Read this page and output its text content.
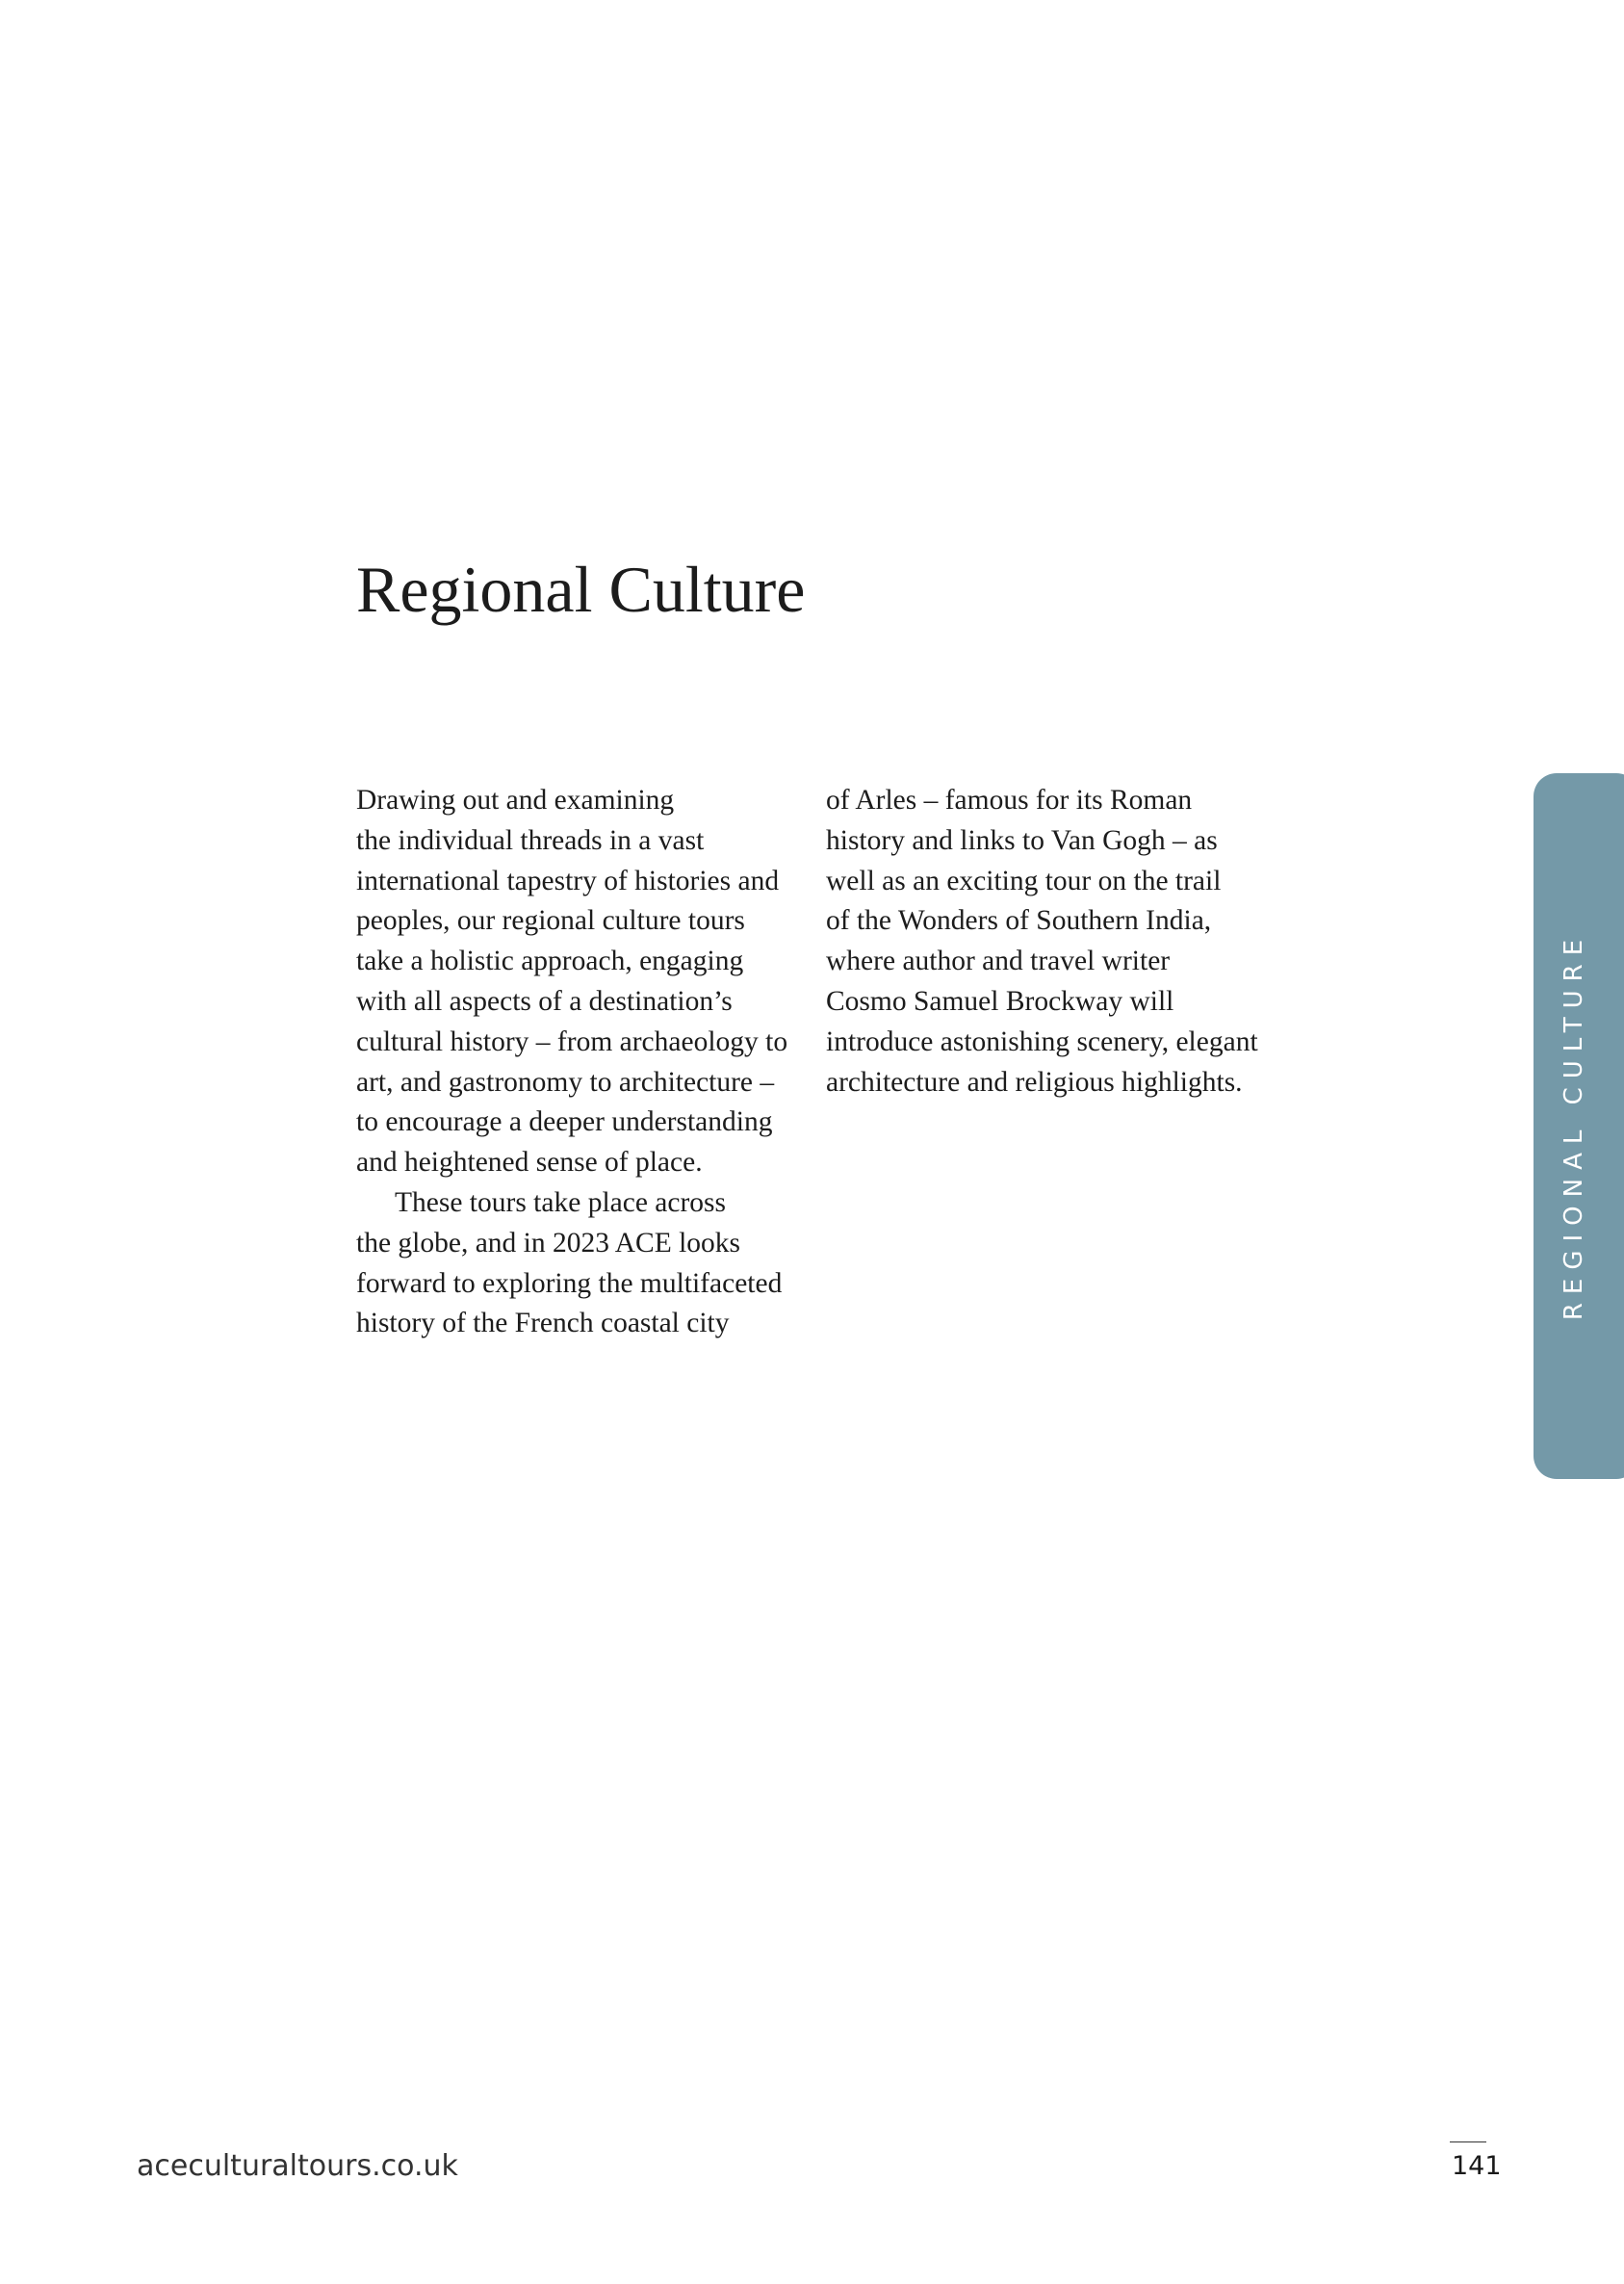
Regional Culture
Drawing out and examining
the individual threads in a vast
international tapestry of histories and
peoples, our regional culture tours
take a holistic approach, engaging
with all aspects of a destination’s
cultural history – from archaeology to
art, and gastronomy to architecture –
to encourage a deeper understanding
and heightened sense of place.
These tours take place across
the globe, and in 2023 ACE looks
forward to exploring the multifaceted
history of the French coastal city
of Arles – famous for its Roman
history and links to Van Gogh – as
well as an exciting tour on the trail
of the Wonders of Southern India,
where author and travel writer
Cosmo Samuel Brockway will
introduce astonishing scenery, elegant
architecture and religious highlights.	REGIONAL CULTURE
aceculturaltours.co.uk	141
